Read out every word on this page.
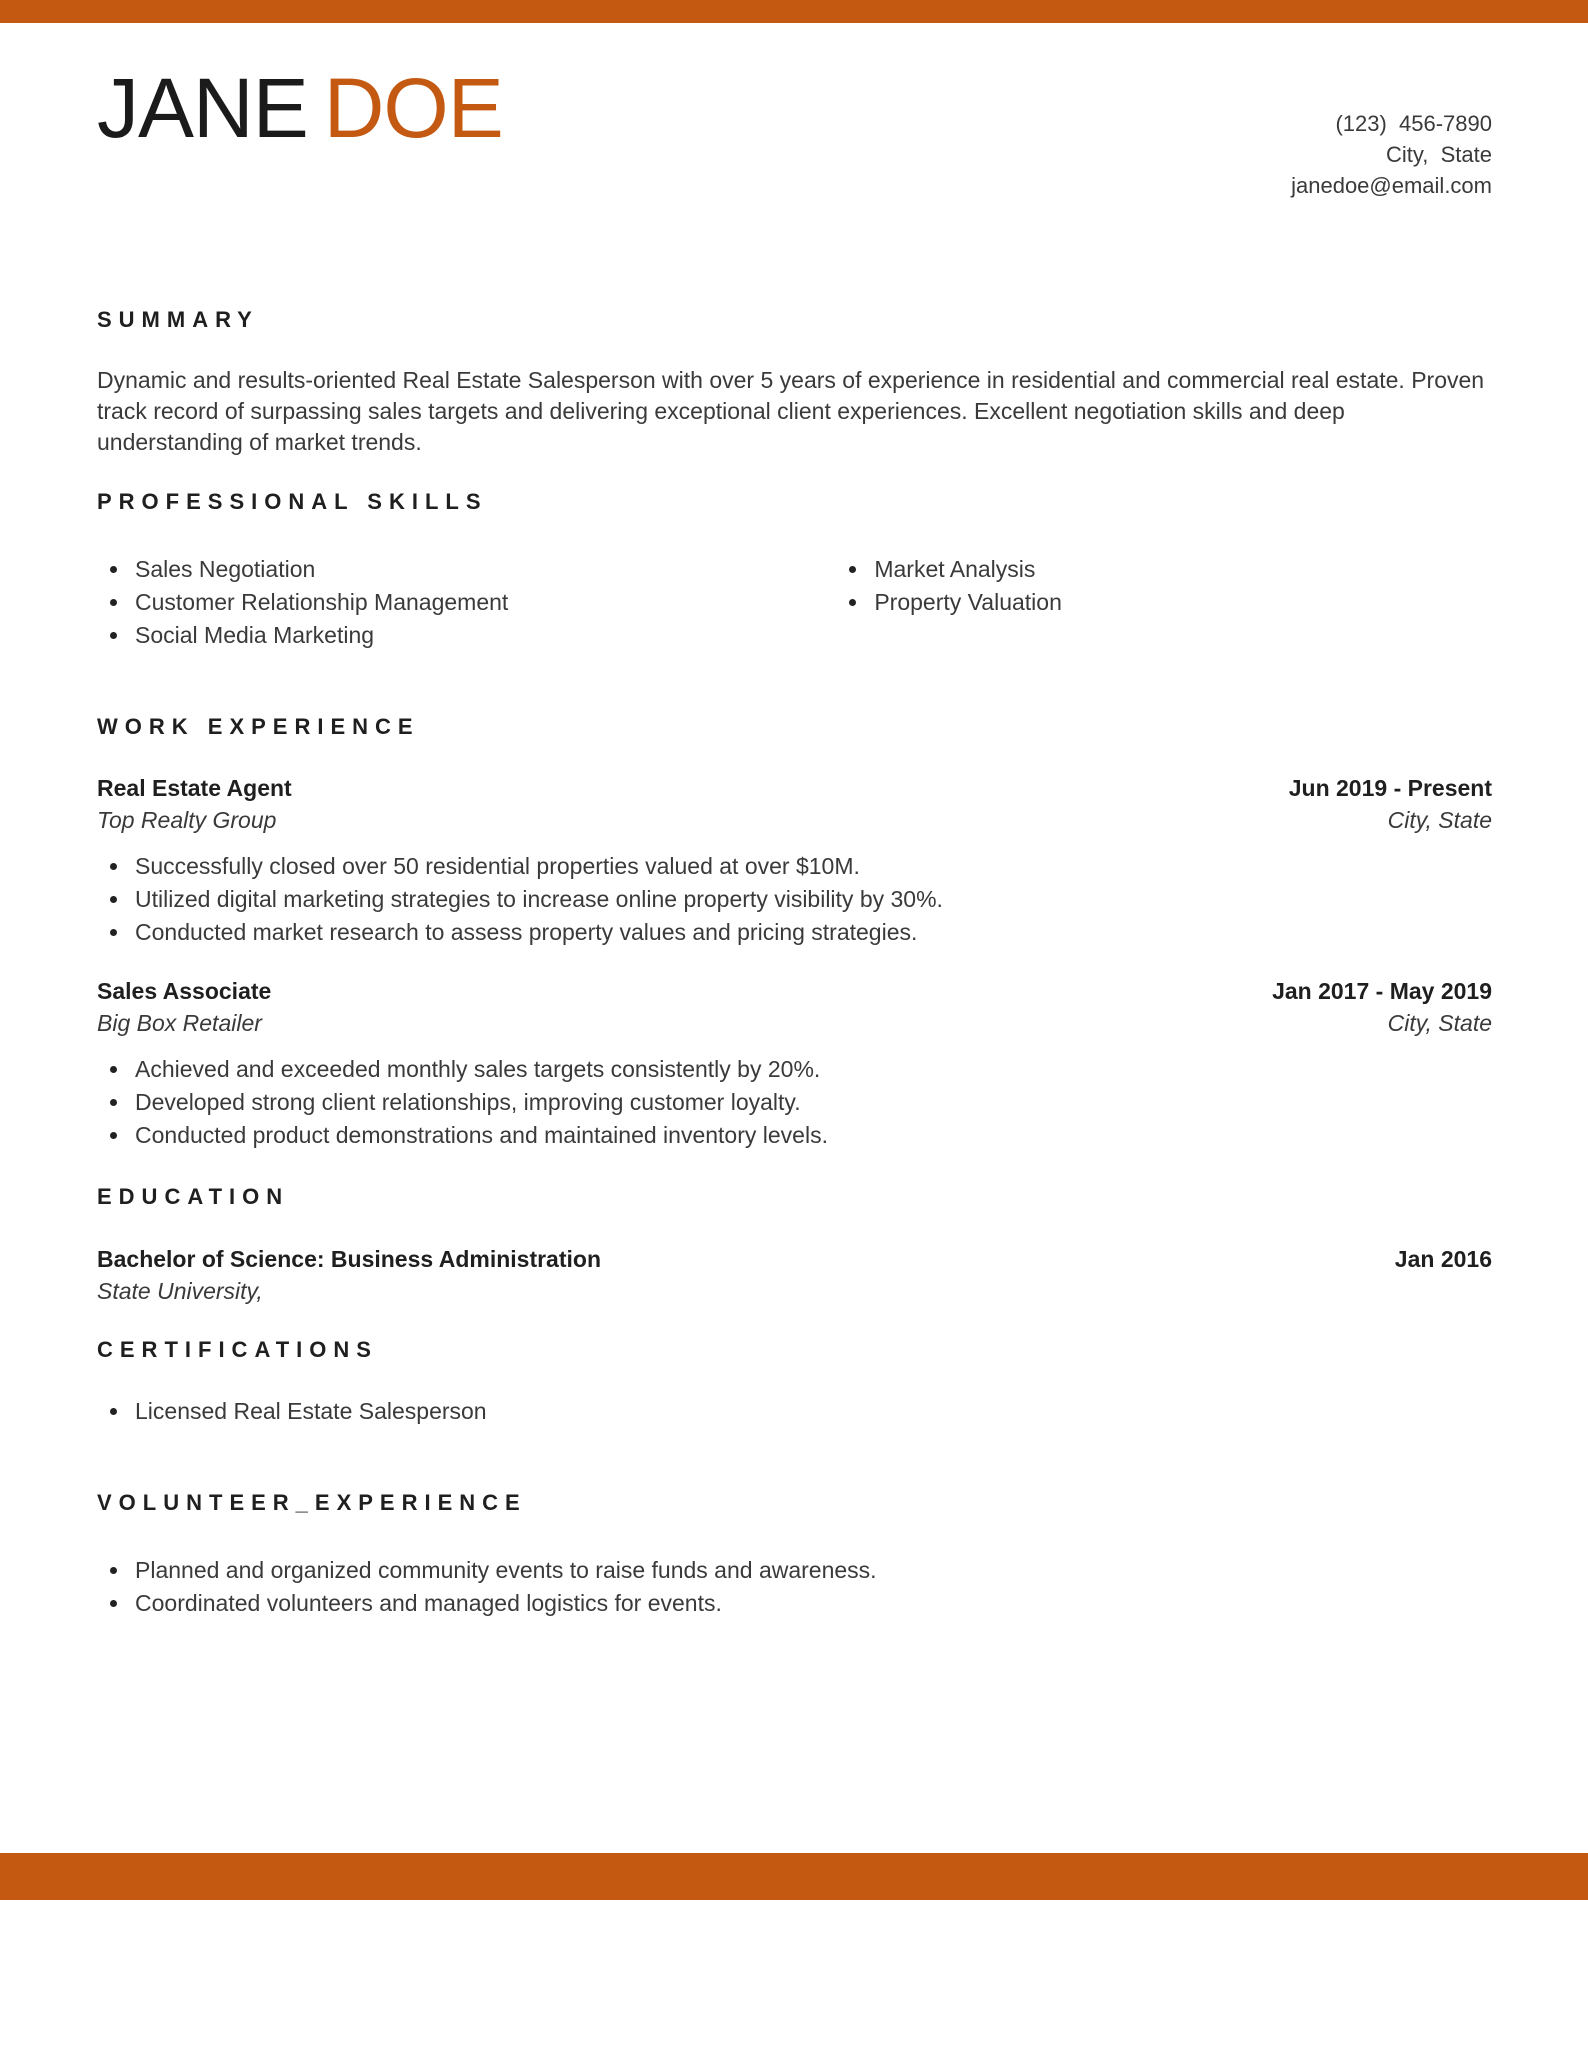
JANE DOE	(123)  456-7890
City,  State
janedoe@email.com
SUMMARY
Dynamic and results-oriented Real Estate Salesperson with over 5 years of experience in residential and commercial real estate. Proven track record of surpassing sales targets and delivering exceptional client experiences. Excellent negotiation skills and deep understanding of market trends.
PROFESSIONAL SKILLS
Sales Negotiation
Customer Relationship Management
Social Media Marketing
Market Analysis
Property Valuation
WORK EXPERIENCE
Real Estate Agent	Jun 2019 - Present
Top Realty Group	City, State
Successfully closed over 50 residential properties valued at over $10M.
Utilized digital marketing strategies to increase online property visibility by 30%.
Conducted market research to assess property values and pricing strategies.
Sales Associate	Jan 2017 - May 2019
Big Box Retailer	City, State
Achieved and exceeded monthly sales targets consistently by 20%.
Developed strong client relationships, improving customer loyalty.
Conducted product demonstrations and maintained inventory levels.
EDUCATION
Bachelor of Science: Business Administration	Jan 2016
State University,
CERTIFICATIONS
Licensed Real Estate Salesperson
VOLUNTEER_EXPERIENCE
Planned and organized community events to raise funds and awareness.
Coordinated volunteers and managed logistics for events.
